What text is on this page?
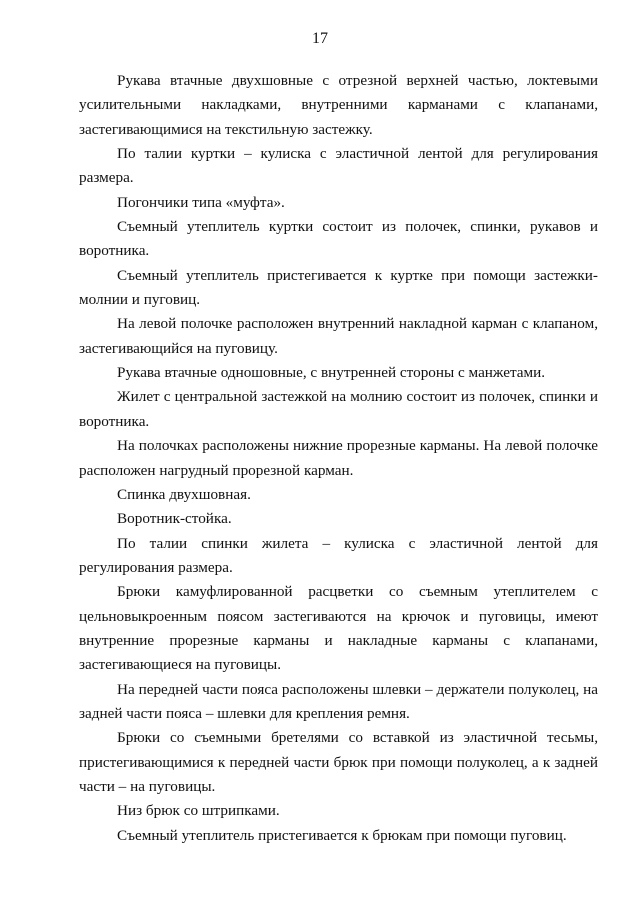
17

Рукава втачные двухшовные с отрезной верхней частью, локтевыми усилительными накладками, внутренними карманами с клапанами, застегивающимися на текстильную застежку.

По талии куртки – кулиска с эластичной лентой для регулирования размера.

Погончики типа «муфта».

Съемный утеплитель куртки состоит из полочек, спинки, рукавов и воротника.

Съемный утеплитель пристегивается к куртке при помощи застежки-молнии и пуговиц.

На левой полочке расположен внутренний накладной карман с клапаном, застегивающийся на пуговицу.

Рукава втачные одношовные, с внутренней стороны с манжетами.

Жилет с центральной застежкой на молнию состоит из полочек, спинки и воротника.

На полочках расположены нижние прорезные карманы. На левой полочке расположен нагрудный прорезной карман.

Спинка двухшовная.

Воротник-стойка.

По талии спинки жилета – кулиска с эластичной лентой для регулирования размера.

Брюки камуфлированной расцветки со съемным утеплителем с цельновыкроенным поясом застегиваются на крючок и пуговицы, имеют внутренние прорезные карманы и накладные карманы с клапанами, застегивающиеся на пуговицы.

На передней части пояса расположены шлевки – держатели полуколец, на задней части пояса – шлевки для крепления ремня.

Брюки со съемными бретелями со вставкой из эластичной тесьмы, пристегивающимися к передней части брюк при помощи полуколец, а к задней части – на пуговицы.

Низ брюк со штрипками.

Съемный утеплитель пристегивается к брюкам при помощи пуговиц.
